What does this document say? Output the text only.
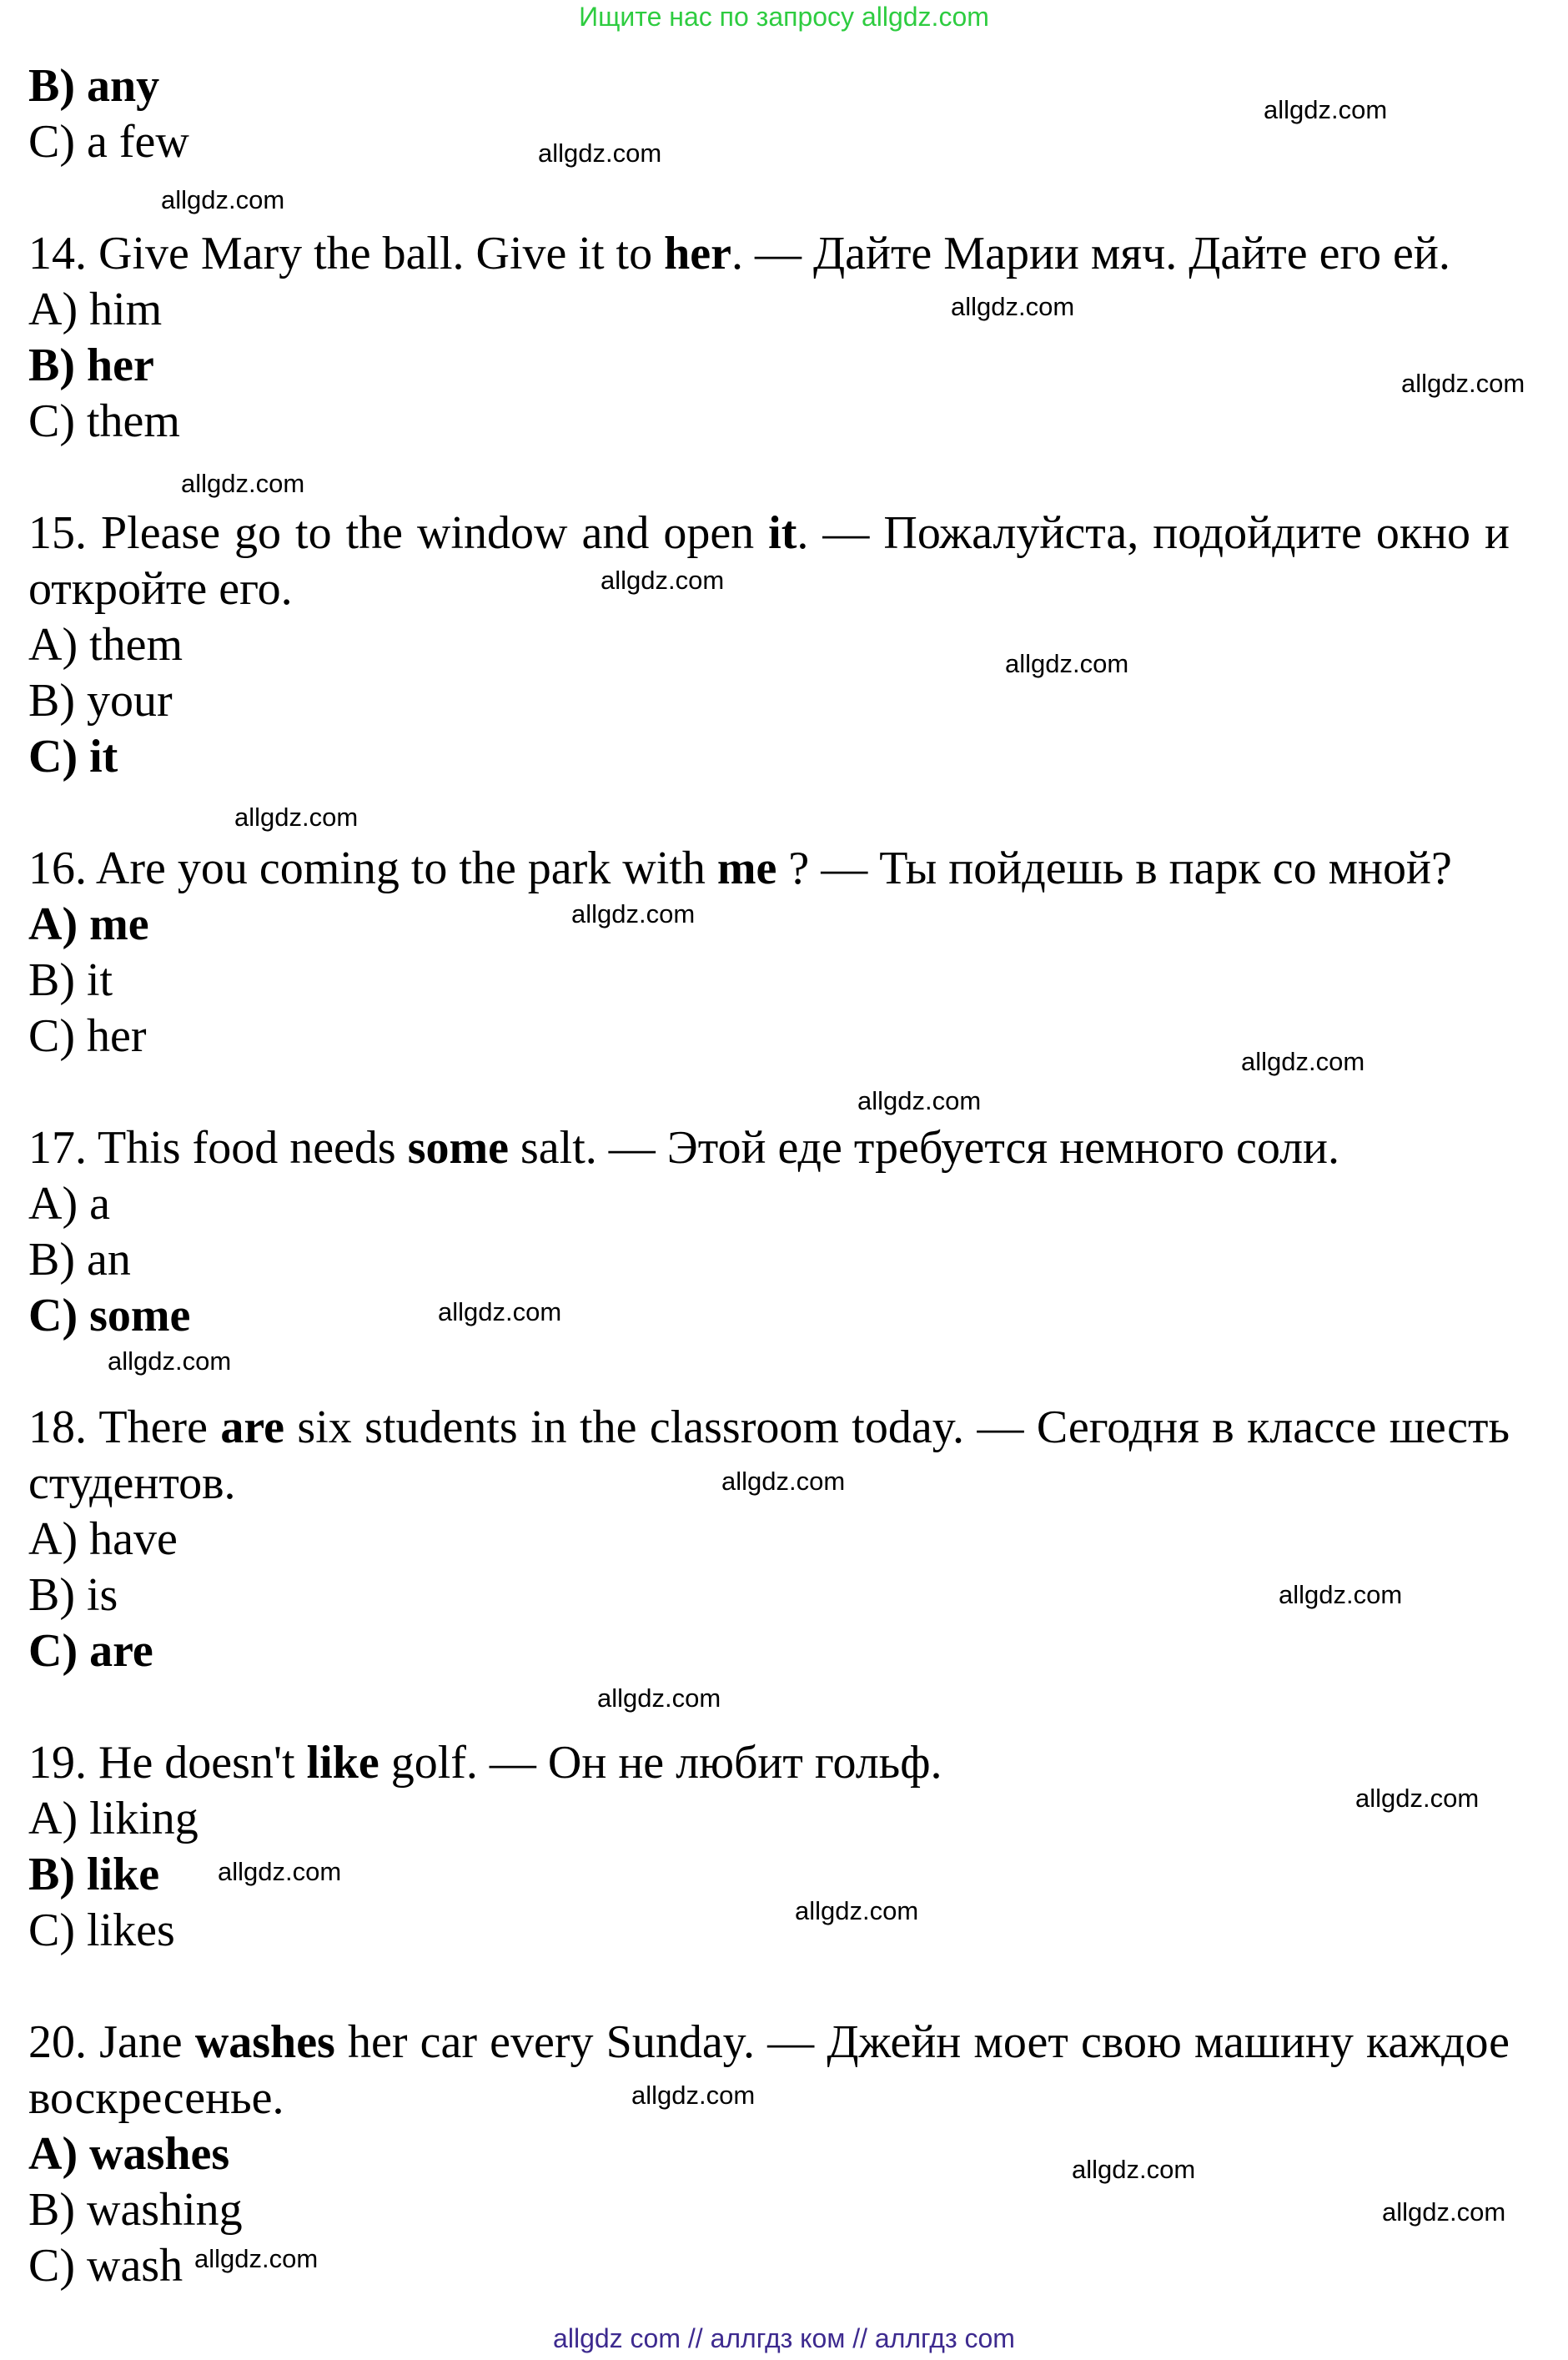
Ищите нас по запросу allgdz.com
B) any
C) a few
14. Give Mary the ball. Give it to her. — Дайте Марии мяч. Дайте его ей.
A) him
B) her
C) them
15. Please go to the window and open it. — Пожалуйста, подойдите окно и откройте его.
A) them
B) your
C) it
16. Are you coming to the park with me ? — Ты пойдешь в парк со мной?
A) me
B) it
C) her
17. This food needs some salt. — Этой еде требуется немного соли.
A) a
B) an
C) some
18. There are six students in the classroom today. — Сегодня в классе шесть студентов.
A) have
B) is
C) are
19. He doesn't like golf. — Он не любит гольф.
A) liking
B) like
C) likes
20. Jane washes her car every Sunday. — Джейн моет свою машину каждое воскресенье.
A) washes
B) washing
C) wash
allgdz.com
allgdz.com
allgdz.com
allgdz.com
allgdz.com
allgdz.com
allgdz.com
allgdz.com
allgdz.com
allgdz.com
allgdz.com
allgdz.com
allgdz.com
allgdz.com
allgdz.com
allgdz.com
allgdz.com
allgdz.com
allgdz.com
allgdz.com
allgdz.com
allgdz.com
allgdz.com
allgdz.com
allgdz com // аллгдз ком // аллгдз com
